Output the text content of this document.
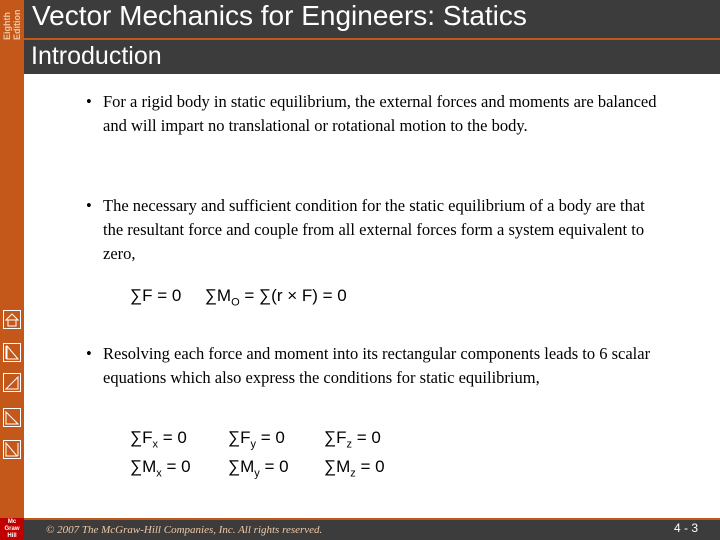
Eighth
Edition Vector Mechanics for Engineers: Statics
Introduction
• For a rigid body in static equilibrium, the external forces and moments are balanced and will impart no translational or rotational motion to the body.
• The necessary and sufficient condition for the static equilibrium of a body are that the resultant force and couple from all external forces form a system equivalent to zero,
∑F = 0 $\sum M_O = \sum(r \times F) = 0$
• Resolving each force and moment into its rectangular components leads to 6 scalar equations which also express the conditions for static equilibrium,
$\sum F_x = 0$ $\sum F_y = 0$ $\sum F_z = 0$
$\sum M_x = 0$ $\sum M_y = 0$ $\sum M_z = 0$
Mc
Graw
Hill	© 2007 The McGraw-Hill Companies, Inc. All rights reserved.	4 - 3
